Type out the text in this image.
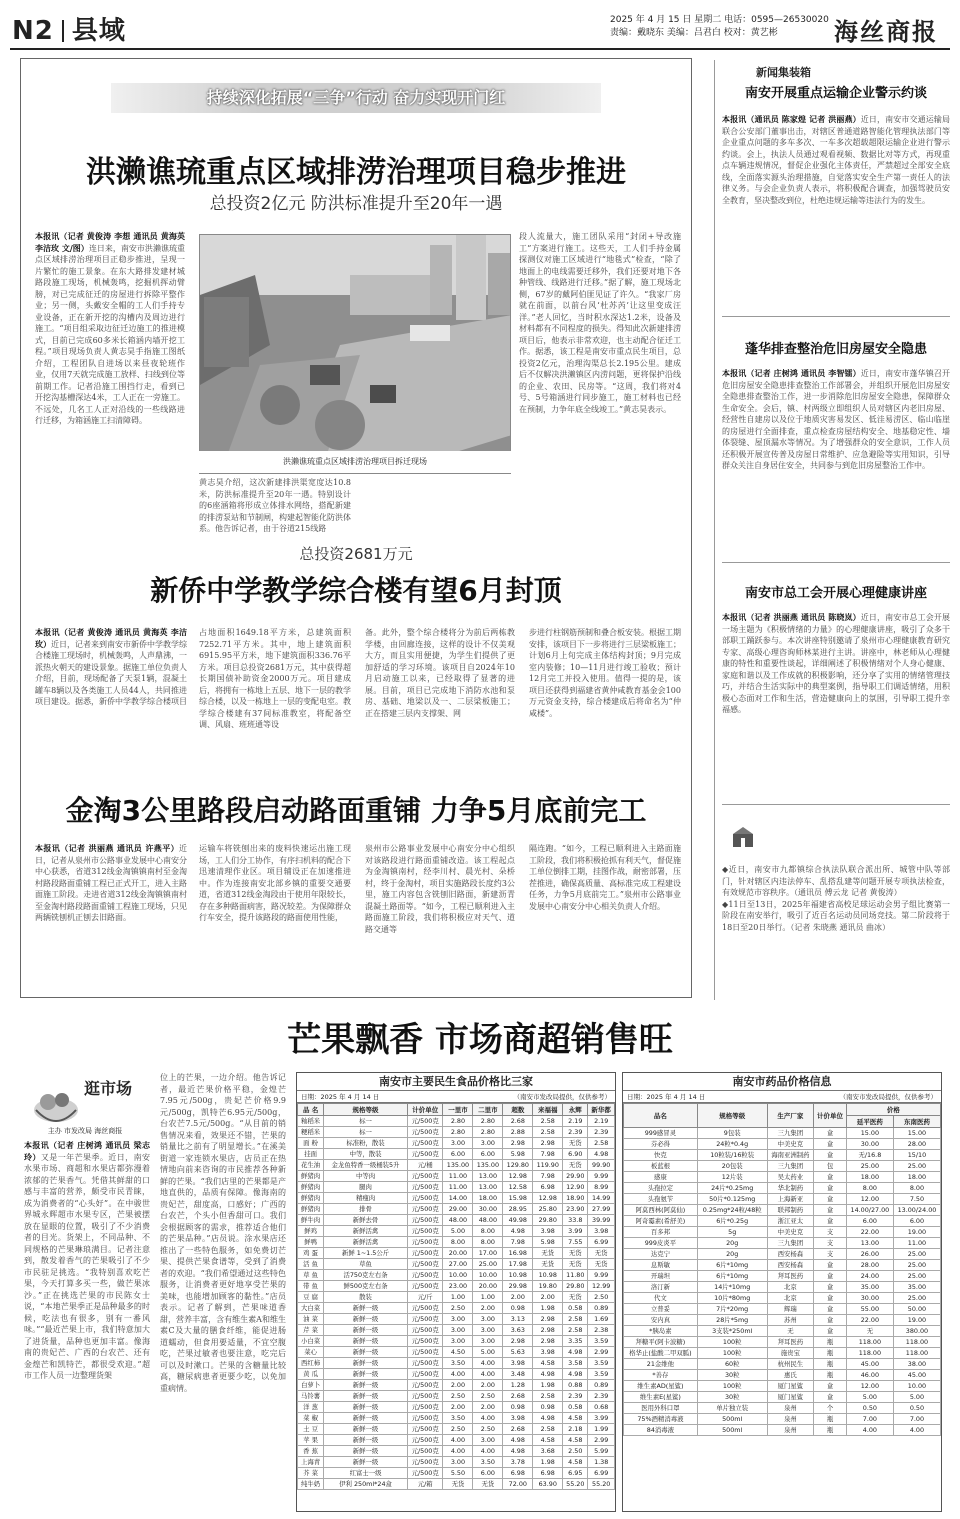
N2 县域	2025 年 4 月 15 日 星期二 电话：0595—26530020
责编：戴晓东 美编：吕君白 校对：黄艺彬	海丝商报
持续深化拓展“三争”行动 奋力实现开门红
洪濑谯琉重点区域排涝治理项目稳步推进
总投资2亿元 防洪标准提升至20年一遇
本报讯（记者 黄俊涛 李想 通讯员 黄海英 李洁玫 文/图）连日来，南安市洪濑谯琉重点区域排涝治理项目正稳步推进，呈现一片繁忙的施工景象。在东大路排发建材城路段施工现场，机械轰鸣，挖掘机挥动臂膀，对已完成征迁的房屋进行拆除平整作业；另一侧，头戴安全帽的工人们手持专业设备，正在新开挖的沟槽内及周边进行施工。“项目组采取边征迁边施工的推进模式，目前已完成60多米长箱涵内墙开挖工程。”项目现场负责人黄志昊手指施工图纸介绍，工程团队自进场以来昼夜轮班作业，仅用7天就完成施工放样、扫线到位等前期工作。记者沿施工围挡行走，看到已开挖沟基槽深达4米，工人正在一旁施工。不远处，几名工人正对沿线的一些线路进行迁移，为箱涵施工扫清障碍。
洪濑谯琉重点区域排涝治理项目拆迁现场
黄志昊介绍，这次新建排洪渠宽度达10.8米，防洪标准提升至20年一遇。特别设计的6座涵箱将形成立体排水网络，搭配新建的排涝泵站和节制闸，构建起智能化防洪体系。他告诉记者，由于谷道215线路
段人流量大，施工团队采用“封闭+导改施工”方案进行施工。这些天，工人们手持金属探测仪对施工区域进行“地毯式”检查，“除了地面上的电线需要迁移外，我们还要对地下各种管线、线路进行迁移。”据了解，施工现场北侧，67岁的戴阿伯匪见证了许久。“我家厂房就在前面，以前台风‘杜苏芮’让这里变成汪洋。”老人回忆，当时积水深达1.2米，设备及材料都有不同程度的损失。得知此次新建排涝项目后，他表示非常欢迎，也主动配合征迁工作。据悉，该工程是南安市重点民生项目，总投资2亿元，治理沟渠总长2.195公里。建成后不仅解决洪濑镇区内涝问题，更将保护沿线的企业、农田、民房等。“这周，我们将对4号、5号箱涵进行同步施工，施工材料也已经在预制，力争年底全线竣工。”黄志昊表示。
总投资2681万元
新侨中学教学综合楼有望6月封顶
本报讯（记者 黄俊涛 通讯员 黄海英 李洁玫）近日，记者来到南安市新侨中学教学综合楼施工现场时，机械轰鸣，人声鼎沸，一派热火朝天的建设景象。据施工单位负责人介绍，目前，现场配备了天泵1辆，混凝土罐车8辆以及各类施工人员44人，共同推进项目建设。据悉，新侨中学教学综合楼项目
占地面积1649.18平方米，总建筑面积7252.71平方米。其中，地上建筑面积6915.95平方米，地下建筑面积336.76平方米。项目总投资2681万元，其中获得超长期国债补助资金2000万元。项目建成后，将拥有一栋地上五层、地下一层的教学综合楼，以及一栋地上一层的变配电室。教学综合楼建有37间标准教室，将配备空调、风扇、班班通等设
备。此外，整个综合楼将分为前后两栋教学楼，由回廊连接，这样的设计不仅美观大方，而且实用便捷，为学生们提供了更加舒适的学习环境。该项目自2024年10月启动施工以来，已经取得了显著的进展。目前，项目已完成地下消防水池和泵房、基础、地梁以及一、二层梁板施工；正在搭建三层内支撑架、网
步进行柱钢筋预制和叠合板安装。根据工期安排，该项目下一步将进行三层梁板施工；计划6月上旬完成主体结构封顶；9月完成室内装修；10—11月进行竣工验收；预计12月完工并投入使用。值得一提的是，该项目还获得到福建省黄仲咸教育基金会100万元资金支持，综合楼建成后将命名为“仲咸楼”。
金淘3公里路段启动路面重铺 力争5月底前完工
本报讯（记者 洪丽燕 通讯员 许燕平）近日，记者从泉州市公路事业发展中心南安分中心获悉，省道312线金淘镇镇南村至金淘村路段路面重铺工程已正式开工，进入主路面施工阶段。走进省道312线金淘镇镇南村至金淘村路段路面重铺工程施工现场，只见两辆铣刨机正刨去旧路面。
运输车将铣刨出来的废料快速运出施工现场，工人们分工协作，有序扫机料的配合下迅速清理作业区。项目辅设正在加速推进中。作为连接南安北部乡镇的重要交通要道，省道312线金淘段由于使用年限较长，存在多种路面病害，路况较差。为保障群众行车安全，提升该路段的路面使用性能，
泉州市公路事业发展中心南安分中心组织对该路段进行路面重铺改造。该工程起点为金淘镇南村，经李川村、晨光村、朵桥村，终于金淘村，项目实施路段长度约3公里，施工内容包含铣刨旧路面，新建沥青混凝土路面等。“如今，工程已顺利进入主路面施工阶段，我们将积极应对天气、道路交通等
隔连跑。“如今，工程已顺利进入主路面施工阶段，我们将积极抢抓有利天气，督促施工单位倒排工期，挂图作战，耐密部署，压茬推进，确保高质量、高标准完成工程建设任务，力争5月底前完工。”泉州市公路事业发展中心南安分中心相关负责人介绍。
南安开展重点运输企业警示约谈
本报讯（通讯员 陈家煌 记者 洪丽燕）近日，南安市交通运输局联合公安部门董事出击，对辖区普通道路智能化管理执法部门等企业重点问题的多车多次、一车多次超载超限运输企业进行警示约谈。会上，执法人员通过观看视频、数据比对等方式，再现重点车辆违规情况，督促企业强化主体责任，严禁超过全部安全底线，全面落实源头治理措施，自觉落实安全生产第一责任人的法律义务。与会企业负责人表示，将积极配合调查，加强驾驶员安全教育，坚决整改到位，杜绝违规运输等违法行为的发生。
蓬华排查整治危旧房屋安全隐患
本报讯（记者 庄树鸿 通讯员 李智镭）近日，南安市蓬华镇召开危旧房屋安全隐患排查整治工作部署会，并组织开展危旧房屋安全隐患排查整治工作，进一步消除危旧房屋安全隐患，保障群众生命安全。会后，镇、村两级立即组织人员对辖区内老旧房屋、经营性自建房以及位于地质灾害易发区、低洼易涝区、临山临崖的房屋进行全面排查，重点检查房屋结构安全、地基稳定性、墙体裂缝、屋顶漏水等情况。为了增强群众的安全意识，工作人员还积极开展宣传普及房屋日常维护、应急避险等实用知识，引导群众关注自身居住安全，共同参与到危旧房屋整治工作中。
南安市总工会开展心理健康讲座
本报讯（记者 洪丽燕 通讯员 陈晓岚）近日，南安市总工会开展一场主题为《积极情绪的力量》的心理健康讲座，吸引了众多干部职工踊跃参与。本次讲座特别邀请了泉州市心理健康教育研究专家、高级心理咨询师林某进行主讲。讲座中，林老师从心理健康的特性和重要性谈起，详细阐述了积极情绪对个人身心健康、家庭和谐以及工作成就的积极影响，还分享了实用的情绪管理技巧，并结合生活实际中的典型案例，指导职工们调适情绪，用积极心态面对工作和生活，营造健康向上的氛围，引导职工提升幸福感。
新闻集装箱
◆近日，南安市九都镇综合执法队联合派出所、城管中队等部门，针对辖区内违法停车、乱搭乱建等问题开展专项执法检查，有效规范市容秩序。（通讯员 傅云龙 记者 黄俊涛）
◆11日至13日，2025年福建省高校足球运动会男子组比赛第一阶段在南安举行，吸引了近百名运动员同场竞技。第二阶段将于18日至20日举行。（记者 朱晓燕 通讯员 曲冰）
芒果飘香 市场商超销售旺
逛市场
主办 市发改局 海丝商报
本报讯（记者 庄树鸿 通讯员 梁志玲）又是一年芒果季。近日，南安水果市场、商超和水果店都弥漫着浓郁的芒果香气。凭借其鲜甜的口感与丰富的营养，颇受市民青睐，成为消费者的“心头好”。在中骏世界城永辉超市水果专区，芒果被摆放在显眼的位置，吸引了不少消费者的目光。货架上，不同品种、不同规格的芒果琳琅满目。记者注意到，散发着香气的芒果吸引了不少市民驻足挑选。“我特别喜欢吃芒果，今天打算多买一些，做芒果冰沙。”正在挑选芒果的市民陈女士说，“本地芒果季正是品种最多的时候，吃法也有很多，别有一番风味。”“最近芒果上市，我们特意加大了进货量，品种也更加丰富。像海南的贵妃芒、广西的台农芒、还有金煌芒和凯特芒，都很受欢迎。”超市工作人员一边整理货架
位上的芒果，一边介绍。他告诉记者，最近芒果价格平稳，金煌芒7.95元/500g，贵妃芒价格9.9元/500g，凯特芒6.95元/500g，台农芒7.5元/500g。“从目前的销售情况来看，效果还不错，芒果的销量比之前有了明显增长。”在溪美街道一家连锁水果店，店员正在热情地向前来咨询的市民推荐各种新鲜的芒果。“我们店里的芒果都是产地直供的，品质有保障。像海南的贵妃芒，甜度高，口感好；广西的台农芒，个头小但香甜可口。我们会根据顾客的需求，推荐适合他们的芒果品种。”店员说。涂水果店还推出了一些特色服务，如免费切芒果、提供芒果食谱等，受到了消费者的欢迎。“我们希望通过这些特色服务，让消费者更好地享受芒果的美味，也能增加顾客的黏性。”店员表示。记者了解到，芒果味道香甜，营养丰富，含有维生素A和维生素C及大量的膳食纤维，能促进肠道蠕动，但食用要适量，不宜空腹吃，芒果过敏者也要注意，吃完后可以及时漱口。芒果的含糖量比较高，糖尿病患者更要少吃，以免加重病情。
南安市主要民生食品价格比三家
日期：2025 年 4 月 14 日	（南安市发改局提供，仅供参考）
品 名	规格等级	计价单位	一里市	二里市	超数	来福福	永辉	新华都
籼稻米	标一	元/500克	2.80	2.80	2.68	2.58	2.19	2.19
粳稻米	标一	元/500克	2.80	2.80	2.88	2.58	2.39	2.39
面 粉	标准粉，散装	元/500克	3.00	3.00	2.98	2.98	无货	2.58
挂面	中等，散装	元/500克	6.00	6.00	5.98	7.98	6.90	4.98
花生油	金龙鱼特香一级桶装5升	元/桶	135.00	135.00	129.80	119.90	无货	99.90
鲜猪肉	中等肉	元/500克	11.00	13.00	12.98	7.98	29.90	9.99
鲜猪肉	腿肉	元/500克	11.00	13.00	12.58	6.98	12.90	8.99
鲜猪肉	精瘦肉	元/500克	14.00	18.00	15.98	12.98	18.90	14.99
鲜猪肉	排骨	元/500克	29.00	30.00	28.95	25.80	23.90	27.99
鲜牛肉	新鲜去骨	元/500克	48.00	48.00	49.98	29.80	33.8	39.99
鲜鸡	新鲜活禽	元/500克	5.00	8.00	4.98	3.98	3.99	3.98
鲜鸭	新鲜活禽	元/500克	8.00	8.00	7.98	5.98	7.55	6.99
鸡 蛋	新鲜 1~1.5公斤	元/500克	20.00	17.00	16.98	无货	无货	无货
活 鱼	草鱼	元/500克	27.00	25.00	17.98	无货	无货	无货
草 鱼	活750克左右条	元/500克	10.00	10.00	10.98	10.98	11.80	9.99
带 鱼	鲜500克左右条	元/500克	23.00	20.00	29.98	19.80	29.80	12.99
豆 腐	散装	元/斤	1.00	1.00	2.00	2.00	无货	2.50
大白菜	新鲜一级	元/500克	2.50	2.00	0.98	1.98	0.58	0.89
油 菜	新鲜一级	元/500克	3.00	3.00	3.13	2.98	2.58	1.69
芹 菜	新鲜一级	元/500克	3.00	3.00	3.63	2.98	2.58	2.38
小白菜	新鲜一级	元/500克	3.00	3.00	2.98	2.98	3.35	3.59
菜心	新鲜一级	元/500克	4.50	5.00	5.63	3.98	4.98	2.99
西红柿	新鲜一级	元/500克	3.50	4.00	3.98	4.58	3.58	3.59
黄 瓜	新鲜一级	元/500克	4.00	4.00	3.48	4.98	4.98	3.59
白萝卜	新鲜一级	元/500克	2.00	2.00	1.28	1.98	0.88	0.89
马铃薯	新鲜一级	元/500克	2.50	2.50	2.68	2.58	2.39	2.39
洋 葱	新鲜一级	元/500克	2.00	2.00	0.98	0.98	0.58	0.68
菜 椒	新鲜一级	元/500克	3.50	4.00	3.98	4.98	4.58	3.99
土 豆	新鲜一级	元/500克	2.50	2.50	2.68	2.58	2.18	1.99
苹 果	新鲜一级	元/500克	4.00	3.00	4.98	4.58	4.58	2.99
香 蕉	新鲜一级	元/500克	4.00	4.00	4.98	3.68	2.50	5.99
上海青	新鲜一级	元/500克	3.00	3.50	3.78	1.98	4.58	1.38
芥 菜	红富士一级	元/500克	5.50	6.00	6.98	6.98	6.95	6.99
纯牛奶	伊利 250ml*24盒	元/箱	无货	无货	72.00	63.90	55.20	55.20
南安市药品价格信息
日期：2025 年 4 月 14 日	（南安市发改局提供，仅供参考）
品名	规格等级	生产厂家	计价单位	价格	
				延平医药	东南医药
999感冒灵	9包装	三九集团	盒	15.00	15.00
芬必得	24粒*0.4g	中美史克	盒	30.00	28.00
快克	10粒装/16粒装	海南亚洲制药	盒	无/16.8	15/10
板蓝根	20包装	三九集团	包	25.00	25.00
感康	12片装	吴太药业	盒	18.00	18.00
头孢拉定	24片*0.25mg	华北制药	盒	8.00	8.00
头孢氨苄	50片*0.125mg	上海新亚	盒	12.00	7.50
阿莫西林(阿莫仙)	0.25mg*24粒/48粒	联邦制药	盒	14.00/27.00	13.00/24.00
阿奇霉素(希舒美)	6片*0.25g	浙江亚太	盒	6.00	6.00
百多邦	5g	中美史克	支	22.00	19.00
999皮炎平	20g	三九集团	支	13.00	11.00
达克宁	20g	西安杨森	支	26.00	25.00
息斯敏	6片*10mg	西安杨森	盒	28.00	25.00
开瑞坦	6片*10mg	拜耳医药	盒	24.00	25.00
洛汀新	14片*10mg	北京	盒	35.00	35.00
代文	10片*80mg	北京	盒	30.00	25.00
立普妥	7片*20mg	辉瑞	盒	55.00	50.00
安内真	28片*5mg	苏州	盒	22.00	19.00
*胰岛素	3支装*250ml	无	盒	无	380.00
拜糖平(阿卡波糖)	100粒	拜耳医药	瓶	118.00	118.00
格华止(盐酸二甲双胍)	100粒	施贵宝	瓶	118.00	118.00
21金维他	60粒	杭州民生	瓶	45.00	38.00
*善存	30粒	惠氏	瓶	46.00	45.00
维生素AD(星鲨)	100粒	厦门星鲨	盒	12.00	10.00
维生素E(星鲨)	30粒	厦门星鲨	盒	5.00	5.00
医用外科口罩	单片独立装	泉州	个	0.50	0.50
75%酒精消毒液	500ml	泉州	瓶	7.00	7.00
84消毒液	500ml	泉州	瓶	4.00	4.00
